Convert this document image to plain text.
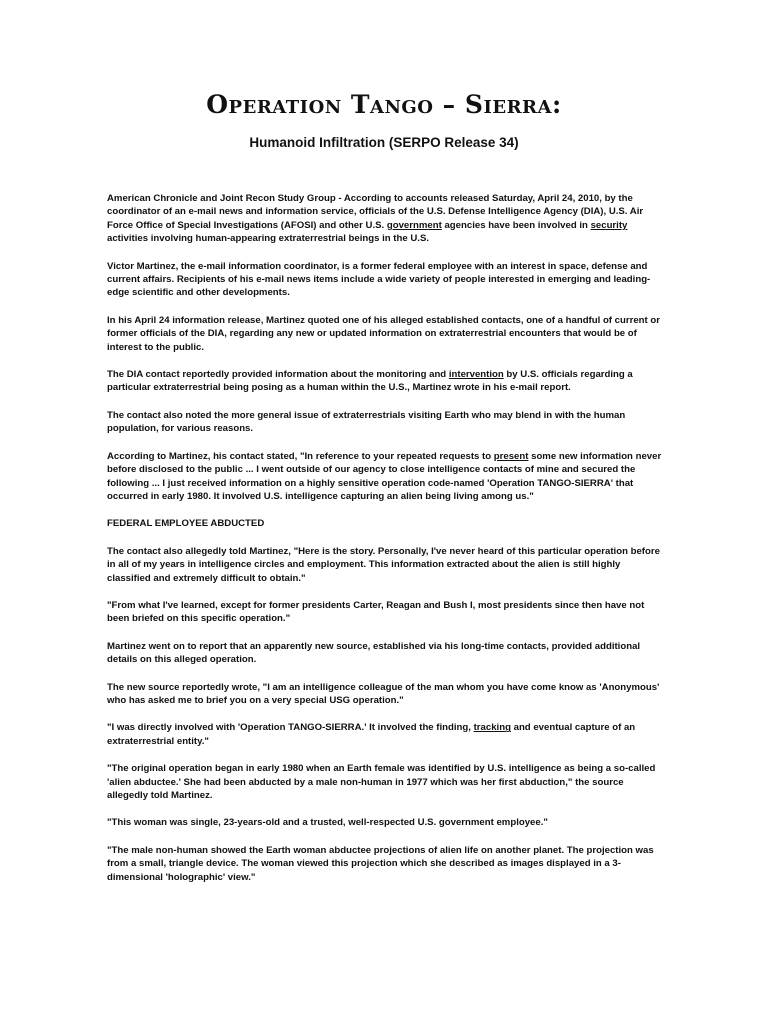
Operation Tango – Sierra:
Humanoid Infiltration (SERPO Release 34)

American Chronicle and Joint Recon Study Group - According to accounts released Saturday, April 24, 2010, by the coordinator of an e-mail news and information service, officials of the U.S. Defense Intelligence Agency (DIA), U.S. Air Force Office of Special Investigations (AFOSI) and other U.S. government agencies have been involved in security activities involving human-appearing extraterrestrial beings in the U.S.

Victor Martinez, the e-mail information coordinator, is a former federal employee with an interest in space, defense and current affairs. Recipients of his e-mail news items include a wide variety of people interested in emerging and leading-edge scientific and other developments.

In his April 24 information release, Martinez quoted one of his alleged established contacts, one of a handful of current or former officials of the DIA, regarding any new or updated information on extraterrestrial encounters that would be of interest to the public.

The DIA contact reportedly provided information about the monitoring and intervention by U.S. officials regarding a particular extraterrestrial being posing as a human within the U.S., Martinez wrote in his e-mail report.

The contact also noted the more general issue of extraterrestrials visiting Earth who may blend in with the human population, for various reasons.

According to Martinez, his contact stated, "In reference to your repeated requests to present some new information never before disclosed to the public ... I went outside of our agency to close intelligence contacts of mine and secured the following ... I just received information on a highly sensitive operation code-named 'Operation TANGO-SIERRA' that occurred in early 1980. It involved U.S. intelligence capturing an alien being living among us."

FEDERAL EMPLOYEE ABDUCTED

The contact also allegedly told Martinez, "Here is the story. Personally, I've never heard of this particular operation before in all of my years in intelligence circles and employment. This information extracted about the alien is still highly classified and extremely difficult to obtain."

"From what I've learned, except for former presidents Carter, Reagan and Bush I, most presidents since then have not been briefed on this specific operation."

Martinez went on to report that an apparently new source, established via his long-time contacts, provided additional details on this alleged operation.

The new source reportedly wrote, "I am an intelligence colleague of the man whom you have come know as 'Anonymous' who has asked me to brief you on a very special USG operation."

"I was directly involved with 'Operation TANGO-SIERRA.' It involved the finding, tracking and eventual capture of an extraterrestrial entity."

"The original operation began in early 1980 when an Earth female was identified by U.S. intelligence as being a so-called 'alien abductee.' She had been abducted by a male non-human in 1977 which was her first abduction," the source allegedly told Martinez.

"This woman was single, 23-years-old and a trusted, well-respected U.S. government employee."

"The male non-human showed the Earth woman abductee projections of alien life on another planet. The projection was from a small, triangle device. The woman viewed this projection which she described as images displayed in a 3-dimensional 'holographic' view."
